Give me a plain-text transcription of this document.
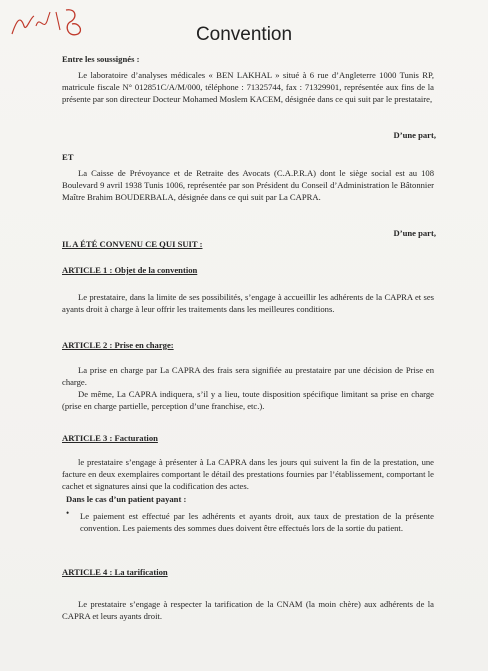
Convention
Entre les soussignés :
Le laboratoire d’analyses médicales « BEN LAKHAL » situé à 6 rue d’Angleterre 1000 Tunis RP, matricule fiscale N° 012851C/A/M/000, téléphone : 71325744, fax : 71329901, représentée aux fins de la présente par son directeur Docteur Mohamed Moslem KACEM, désignée dans ce qui suit par le prestataire,
D’une part,
ET
La Caisse de Prévoyance et de Retraite des Avocats (C.A.P.R.A) dont le siège social est au 108 Boulevard 9 avril 1938 Tunis 1006, représentée par son Président du Conseil d’Administration le Bâtonnier Maître Brahim BOUDERBALA, désignée dans ce qui suit par La CAPRA.
D’une part,
IL A ÉTÉ CONVENU CE QUI SUIT :
ARTICLE 1 : Objet de la convention
Le prestataire, dans la limite de ses possibilités, s’engage à accueillir les adhérents de la CAPRA et ses ayants droit à charge à leur offrir les traitements dans les meilleures conditions.
ARTICLE 2 : Prise en charge:
La prise en charge par La CAPRA des frais sera signifiée au prestataire par une décision de Prise en charge.
De même, La CAPRA indiquera, s’il y a lieu, toute disposition spécifique limitant sa prise en charge (prise en charge partielle, perception d’une franchise, etc.).
ARTICLE 3 : Facturation
le prestataire s’engage à présenter à La CAPRA dans les jours qui suivent la fin de la prestation, une facture en deux exemplaires comportant le détail des prestations fournies par l’établissement, comportant le cachet et signatures ainsi que la codification des actes.
Dans le cas d’un patient payant :
• Le paiement est effectué par les adhérents et ayants droit, aux taux de prestation de la présente convention. Les paiements des sommes dues doivent être effectués lors de la sortie du patient.
ARTICLE 4 : La tarification
Le prestataire s’engage à respecter la tarification de la CNAM (la moin chère) aux adhérents de la CAPRA et leurs ayants droit.
